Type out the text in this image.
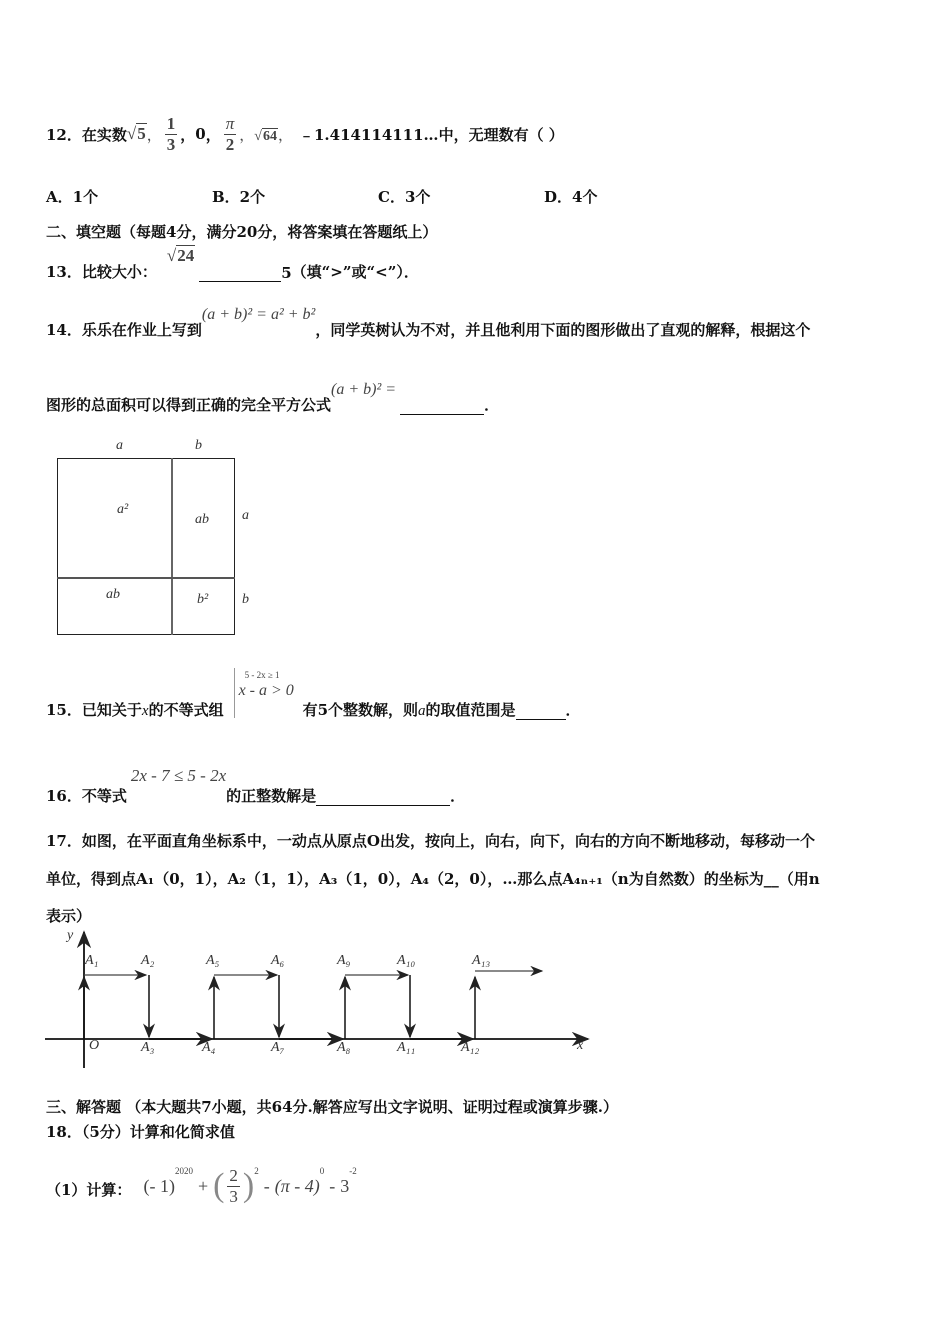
12． 在实数 √5 ， $\frac{1}{3}$ ， 0 ， $\frac{\pi}{2}$ ， √64 ， ﹣1.414114111… 中，无理数有（ ）
A．1个	B．2个	C．3个	D．4个
二、填空题（每题4分，满分20分，将答案填在答题纸上）
13． 比较大小：
√24
5 （填“>”或“<”）．
14． 乐乐在作业上写到
(a + b)² = a² + b²
，同学英树认为不对，并且他利用下面的图形做出了直观的解释，根据这个
图形的总面积可以得到正确的完全平方公式
(a + b)² =
．
a	b
a
b
a²
ab
ab	b²
15． 已知关于 x 的不等式组
5 - 2x ≥ 1
x - a > 0
有5个整数解，则 a 的取值范围是	．
16． 不等式
2x - 7 ≤ 5 - 2x
的正整数解是	．
17．如图，在平面直角坐标系中，一动点从原点O出发，按向上，向右，向下，向右的方向不断地移动，每移动一个
单位，得到点A₁（0，1），A₂（1，1），A₃（1，0），A₄（2，0），…那么点A₄ₙ₊₁（n为自然数）的坐标为__（用n
表示）
y
x
O
A₁	A₂	A₅	A₆	A₉	A₁₀	A₁₃
A₃	A₄	A₇	A₈	A₁₁	A₁₂
三、解答题 （本大题共7小题，共64分.解答应写出文字说明、证明过程或演算步骤.）
18．（5分）计算和化简求值
（1）计算： (- 1)
2020
+ ( $\frac{2}{3} )^2$
- (π - 4)
0
- 3
-2
